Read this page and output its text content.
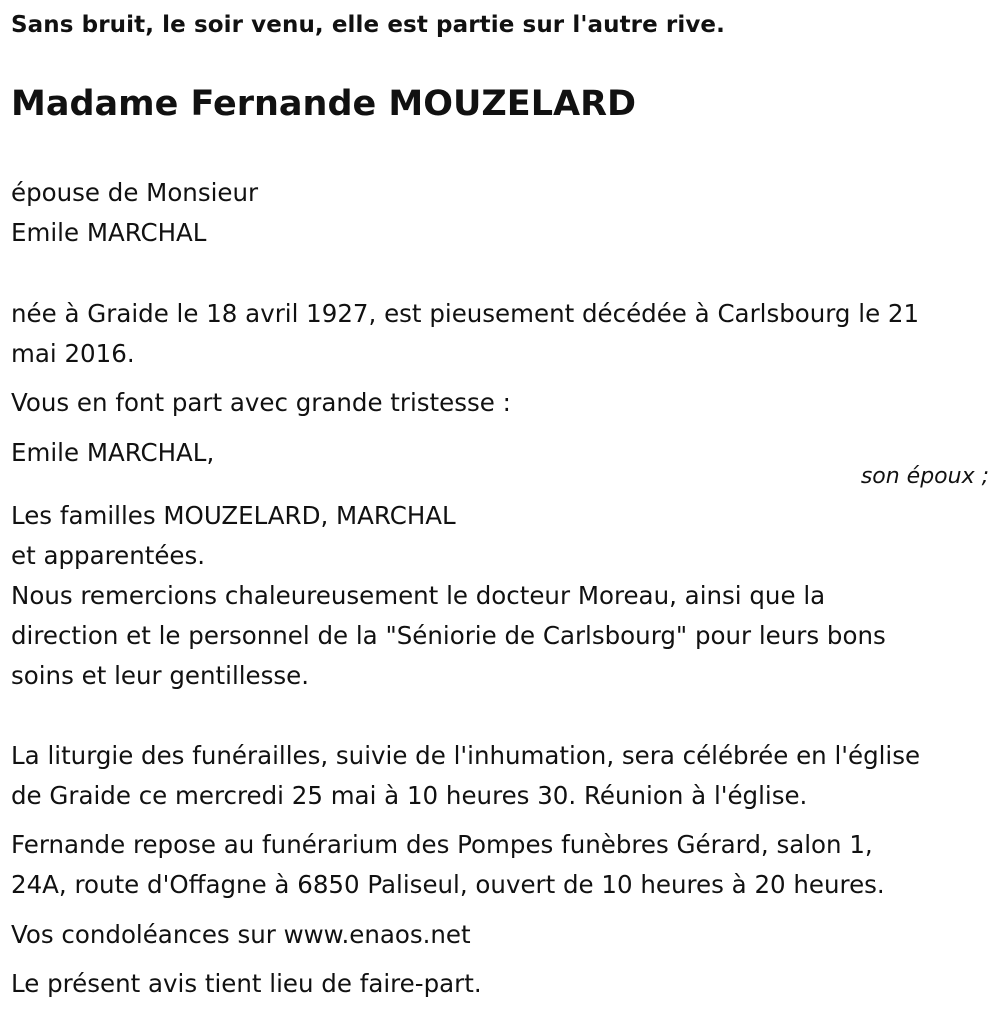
Sans bruit, le soir venu, elle est partie sur l'autre rive.
Madame Fernande MOUZELARD

épouse de Monsieur

Emile MARCHAL

née à Graide le 18 avril 1927, est pieusement décédée à Carlsbourg le 21

mai 2016.

Vous en font part avec grande tristesse :

Emile MARCHAL,

son époux ;

Les familles MOUZELARD, MARCHAL

et apparentées.

Nous remercions chaleureusement le docteur Moreau, ainsi que la

direction et le personnel de la "Séniorie de Carlsbourg" pour leurs bons

soins et leur gentillesse.

La liturgie des funérailles, suivie de l'inhumation, sera célébrée en l'église

de Graide ce mercredi 25 mai à 10 heures 30. Réunion à l'église.

Fernande repose au funérarium des Pompes funèbres Gérard, salon 1,

24A, route d'Offagne à 6850 Paliseul, ouvert de 10 heures à 20 heures.

Vos condoléances sur www.enaos.net

Le présent avis tient lieu de faire-part.
